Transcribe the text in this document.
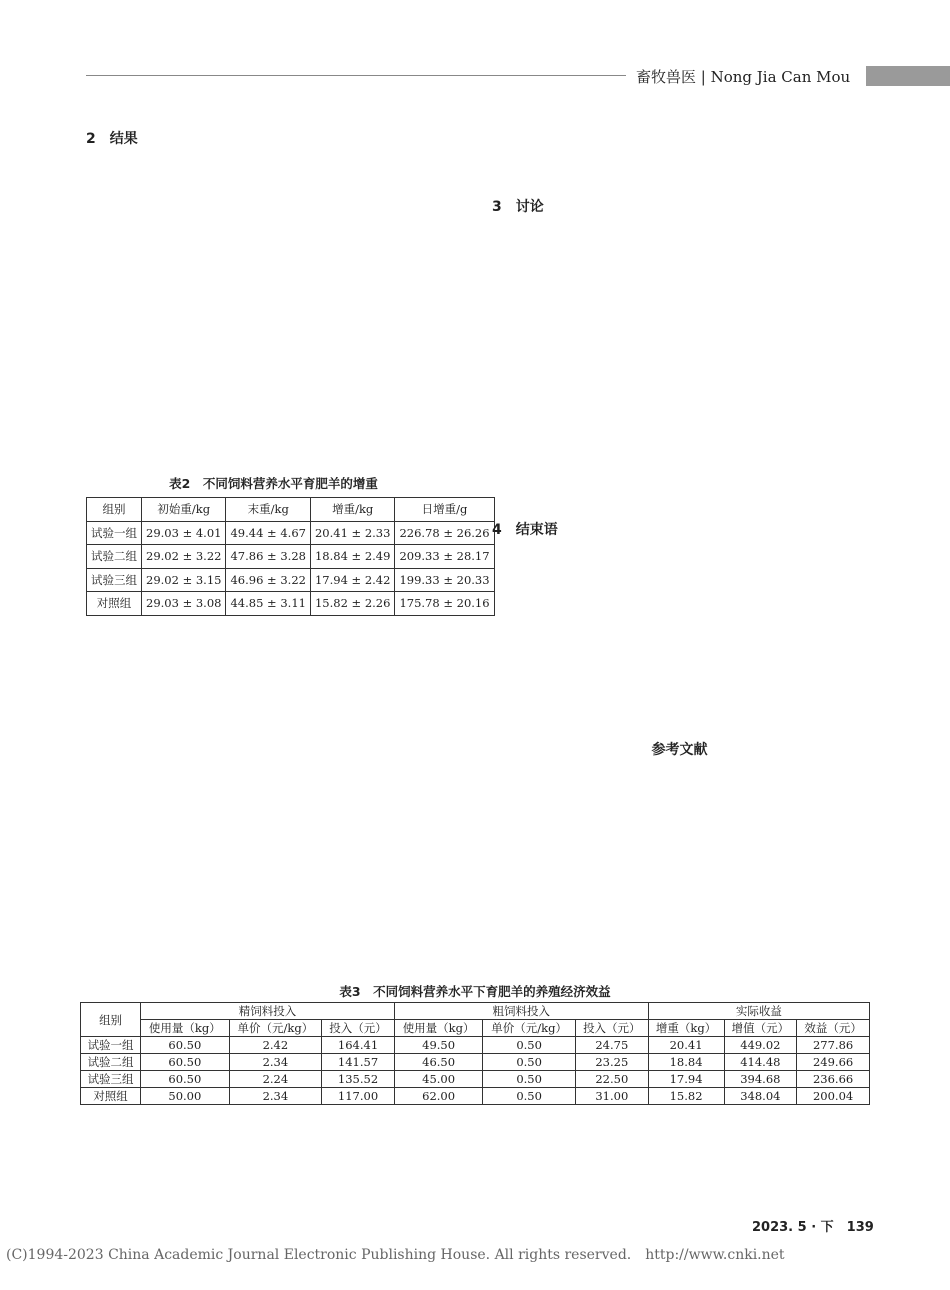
畜牧兽医 | Nong Jia Can Mou
2　结果
表2　不同饲料营养水平育肥羊的增重
组别	初始重/kg	末重/kg	增重/kg	日增重/g
试验一组	29.03 ± 4.01	49.44 ± 4.67	20.41 ± 2.33	226.78 ± 26.26
试验二组	29.02 ± 3.22	47.86 ± 3.28	18.84 ± 2.49	209.33 ± 28.17
试验三组	29.02 ± 3.15	46.96 ± 3.22	17.94 ± 2.42	199.33 ± 20.33
对照组	29.03 ± 3.08	44.85 ± 3.11	15.82 ± 2.26	175.78 ± 20.16
3　讨论
4　结束语
参考文献
表3　不同饲料营养水平下育肥羊的养殖经济效益
组别	精饲料投入			粗饲料投入			实际收益		
	使用量（kg）	单价（元/kg）	投入（元）	使用量（kg）	单价（元/kg）	投入（元）	增重（kg）	增值（元）	效益（元）
试验一组	60.50	2.42	164.41	49.50	0.50	24.75	20.41	449.02	277.86
试验二组	60.50	2.34	141.57	46.50	0.50	23.25	18.84	414.48	249.66
试验三组	60.50	2.24	135.52	45.00	0.50	22.50	17.94	394.68	236.66
对照组	50.00	2.34	117.00	62.00	0.50	31.00	15.82	348.04	200.04
2023. 5 · 下　139
(C)1994-2023 China Academic Journal Electronic Publishing House. All rights reserved.　http://www.cnki.net
